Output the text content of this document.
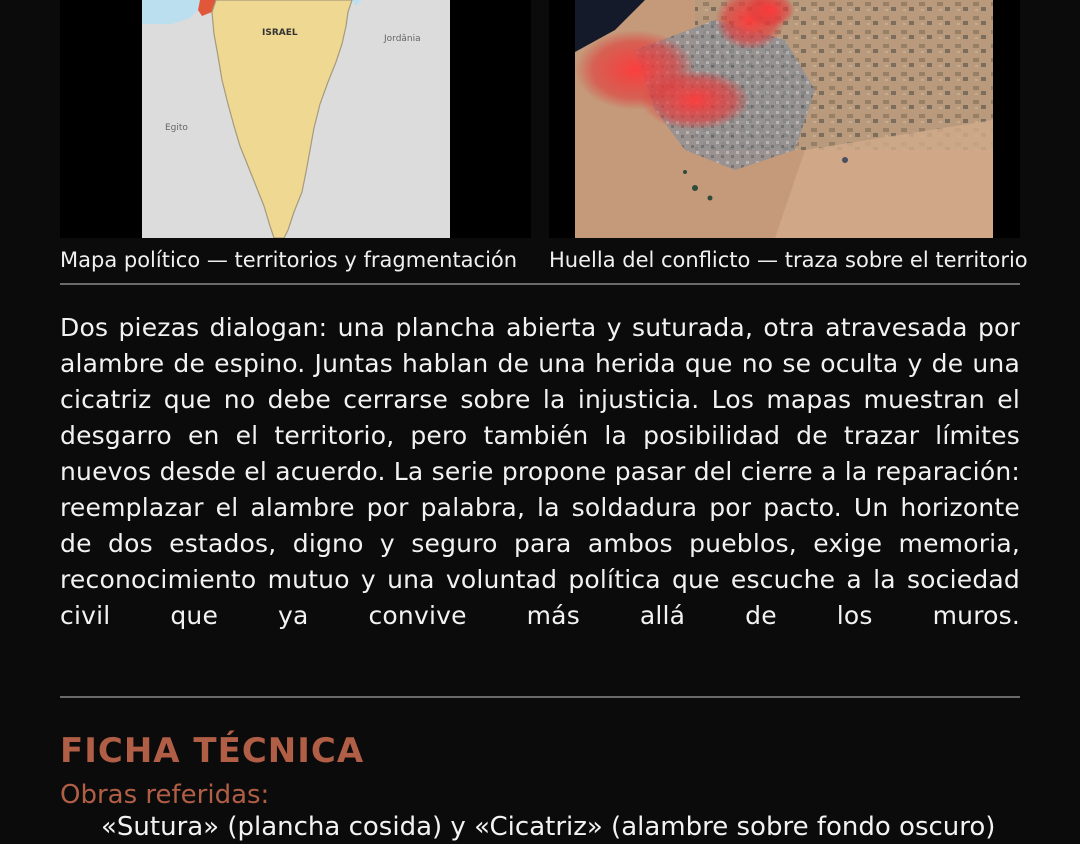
ISRAEL
Jordânia
Egito
Mapa político — territorios y fragmentación Huella del conflicto — traza sobre el territorio

Dos piezas dialogan: una plancha abierta y suturada, otra atravesada por alambre de espino. Juntas hablan de una herida que no se oculta y de una cicatriz que no debe cerrarse sobre la injusticia. Los mapas muestran el desgarro en el territorio, pero también la posibilidad de trazar límites nuevos desde el acuerdo. La serie propone pasar del cierre a la reparación: reemplazar el alambre por palabra, la soldadura por pacto. Un horizonte de dos estados, digno y seguro para ambos pueblos, exige memoria, reconocimiento mutuo y una voluntad política que escuche a la sociedad civil que ya convive más allá de los muros.

FICHA TÉCNICA
Obras referidas:
«Sutura» (plancha cosida) y «Cicatriz» (alambre sobre fondo oscuro)
